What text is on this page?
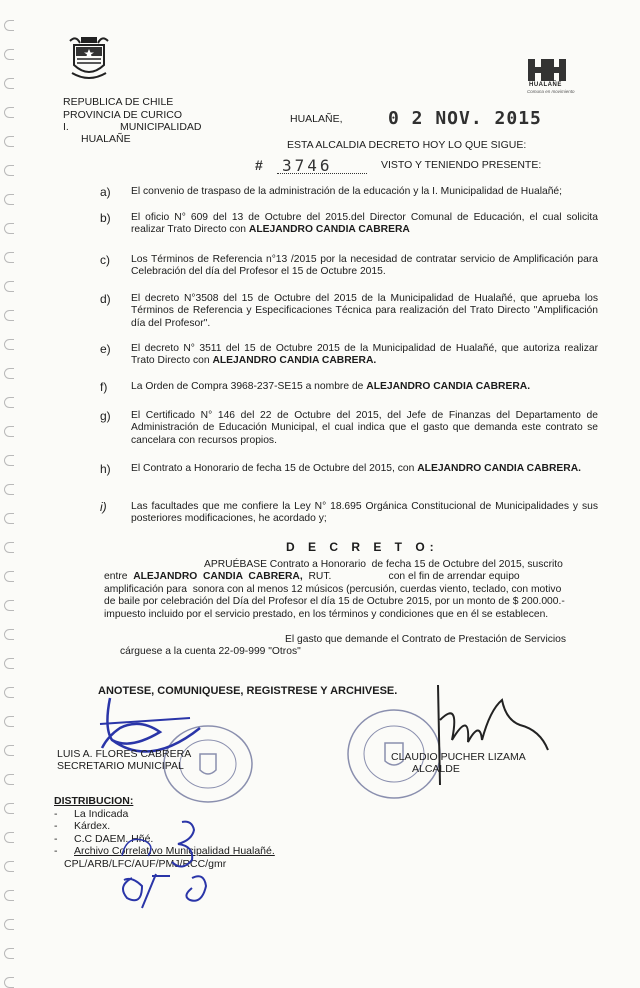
HUALAÑE
Comuna en movimiento
REPUBLICA DE CHILE
PROVINCIA DE CURICO
I.	MUNICIPALIDAD
HUALAÑE
HUALAÑE,	0 2 NOV. 2015
ESTA ALCALDIA DECRETO HOY LO QUE SIGUE:
# 3746	VISTO Y TENIENDO PRESENTE:
a) El convenio de traspaso de la administración de la educación y la I. Municipalidad de Hualañé;
b) El oficio N° 609 del 13 de Octubre del 2015.del Director Comunal de Educación, el cual solicita realizar Trato Directo con ALEJANDRO CANDIA CABRERA
c) Los Términos de Referencia n°13 /2015 por la necesidad de contratar servicio de Amplificación para Celebración del día del Profesor el 15 de Octubre 2015.
d) El decreto N°3508 del 15 de Octubre del 2015 de la Municipalidad de Hualañé, que aprueba los Términos de Referencia y Especificaciones Técnica para realización del Trato Directo "Amplificación día del Profesor".
e) El decreto N° 3511 del 15 de Octubre 2015 de la Municipalidad de Hualañé, que autoriza realizar Trato Directo con ALEJANDRO CANDIA CABRERA.
f) La Orden de Compra 3968-237-SE15 a nombre de ALEJANDRO CANDIA CABRERA.
g) El Certificado N° 146 del 22 de Octubre del 2015, del Jefe de Finanzas del Departamento de Administración de Educación Municipal, el cual indica que el gasto que demanda este contrato se cancelara con recursos propios.
h) El Contrato a Honorario de fecha 15 de Octubre del 2015, con ALEJANDRO CANDIA CABRERA.
i) Las facultades que me confiere la Ley N° 18.695 Orgánica Constitucional de Municipalidades y sus posteriores modificaciones, he acordado y;
D E C R E T O:
APRUÉBASE Contrato a Honorario  de fecha 15 de Octubre del 2015, suscrito
entre  ALEJANDRO  CANDIA  CABRERA,  RUT.                    con el fin de arrendar equipo
amplificación para  sonora con al menos 12 músicos (percusión, cuerdas viento, teclado, con motivo
de baile por celebración del Día del Profesor el día 15 de Octubre 2015, por un monto de $ 200.000.-
impuesto incluido por el servicio prestado, en los términos y condiciones que en él se establecen.
El gasto que demande el Contrato de Prestación de Servicios
cárguese a la cuenta 22-09-999 "Otros"
ANOTESE, COMUNIQUESE, REGISTRESE Y ARCHIVESE.
LUIS A. FLORES CABRERA
SECRETARIO MUNICIPAL
CLAUDIO PUCHER LIZAMA
ALCALDE
DISTRIBUCION:
- La Indicada
- Kárdex.
- C.C DAEM. Hñé.
- Archivo Correlativo Municipalidad Hualañé.
CPL/ARB/LFC/AUF/PMJ/RCC/gmr
